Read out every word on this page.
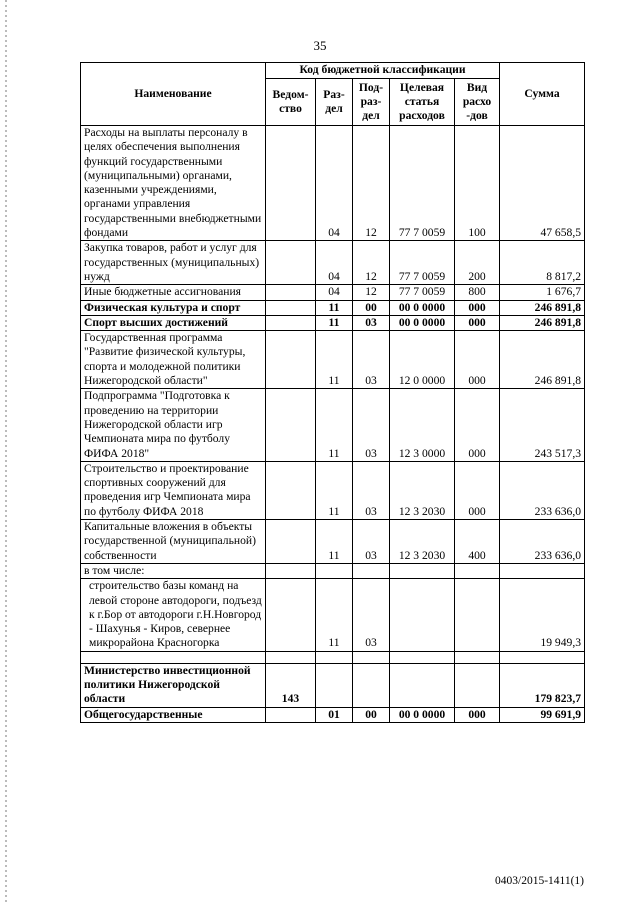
35
Наименование	Код бюджетной классификации					Сумма
	Ведом-ство	Раз-дел	Под-раз-дел	Целевая статья расходов	Вид расхо -дов	
Расходы на выплаты персоналу в целях обеспечения выполнения функций государственными (муниципальными) органами, казенными учреждениями, органами управления государственными внебюджетными фондами		04	12	77 7 0059	100	47 658,5
Закупка товаров, работ и услуг для государственных (муниципальных) нужд		04	12	77 7 0059	200	8 817,2
Иные бюджетные ассигнования		04	12	77 7 0059	800	1 676,7
Физическая культура и спорт		11	00	00 0 0000	000	246 891,8
Спорт высших достижений		11	03	00 0 0000	000	246 891,8
Государственная программа "Развитие физической культуры, спорта и молодежной политики Нижегородской области"		11	03	12 0 0000	000	246 891,8
Подпрограмма "Подготовка к проведению на территории Нижегородской области игр Чемпионата мира по футболу ФИФА 2018"		11	03	12 3 0000	000	243 517,3
Строительство и проектирование спортивных сооружений для проведения игр Чемпионата мира по футболу ФИФА 2018		11	03	12 3 2030	000	233 636,0
Капитальные вложения в объекты государственной (муниципальной) собственности		11	03	12 3 2030	400	233 636,0
в том числе:						
строительство базы команд на левой стороне автодороги, подъезд к г.Бор от автодороги г.Н.Новгород - Шахунья - Киров, севернее микрорайона Красногорка		11	03			19 949,3

Министерство инвестиционной политики Нижегородской области	143					179 823,7
Общегосударственные		01	00	00 0 0000	000	99 691,9
0403/2015-1411(1)
